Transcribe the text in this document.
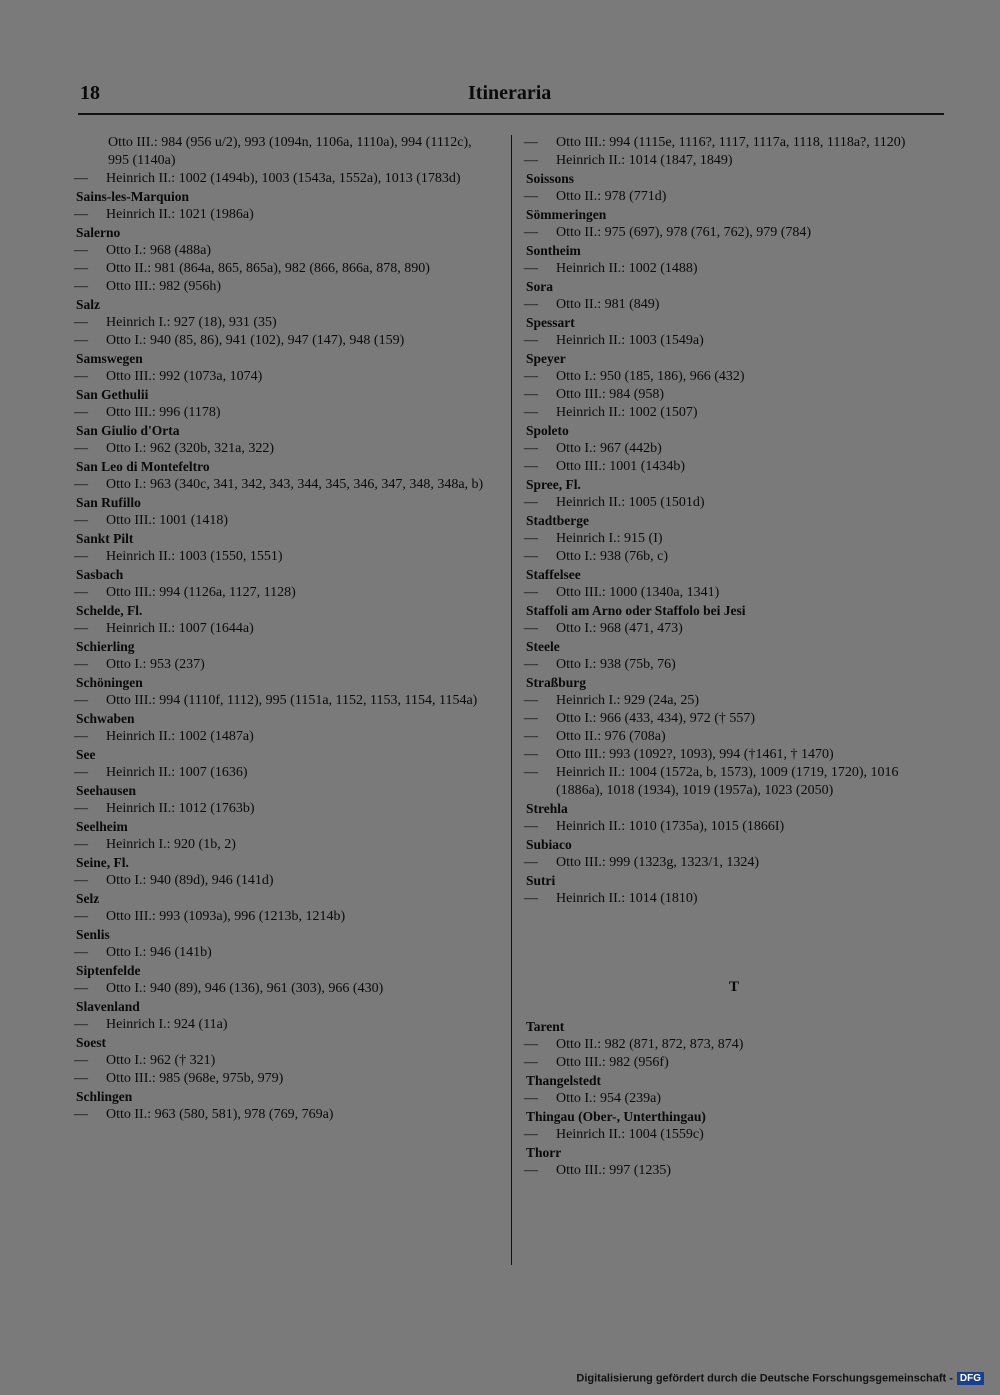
18	Itineraria
Otto III.: 984 (956 u/2), 993 (1094n, 1106a, 1110a), 994 (1112c), 995 (1140a)
— Heinrich II.: 1002 (1494b), 1003 (1543a, 1552a), 1013 (1783d)
Sains-les-Marquion
— Heinrich II.: 1021 (1986a)
Salerno
— Otto I.: 968 (488a)
— Otto II.: 981 (864a, 865, 865a), 982 (866, 866a, 878, 890)
— Otto III.: 982 (956h)
Salz
— Heinrich I.: 927 (18), 931 (35)
— Otto I.: 940 (85, 86), 941 (102), 947 (147), 948 (159)
Samswegen
— Otto III.: 992 (1073a, 1074)
San Gethulii
— Otto III.: 996 (1178)
San Giulio d'Orta
— Otto I.: 962 (320b, 321a, 322)
San Leo di Montefeltro
— Otto I.: 963 (340c, 341, 342, 343, 344, 345, 346, 347, 348, 348a, b)
San Rufillo
— Otto III.: 1001 (1418)
Sankt Pilt
— Heinrich II.: 1003 (1550, 1551)
Sasbach
— Otto III.: 994 (1126a, 1127, 1128)
Schelde, Fl.
— Heinrich II.: 1007 (1644a)
Schierling
— Otto I.: 953 (237)
Schöningen
— Otto III.: 994 (1110f, 1112), 995 (1151a, 1152, 1153, 1154, 1154a)
Schwaben
— Heinrich II.: 1002 (1487a)
See
— Heinrich II.: 1007 (1636)
Seehausen
— Heinrich II.: 1012 (1763b)
Seelheim
— Heinrich I.: 920 (1b, 2)
Seine, Fl.
— Otto I.: 940 (89d), 946 (141d)
Selz
— Otto III.: 993 (1093a), 996 (1213b, 1214b)
Senlis
— Otto I.: 946 (141b)
Siptenfelde
— Otto I.: 940 (89), 946 (136), 961 (303), 966 (430)
Slavenland
— Heinrich I.: 924 (11a)
Soest
— Otto I.: 962 († 321)
— Otto III.: 985 (968e, 975b, 979)
Schlingen
— Otto II.: 963 (580, 581), 978 (769, 769a)
— Otto III.: 994 (1115e, 1116?, 1117, 1117a, 1118, 1118a?, 1120)
— Heinrich II.: 1014 (1847, 1849)
Soissons
— Otto II.: 978 (771d)
Sömmeringen
— Otto II.: 975 (697), 978 (761, 762), 979 (784)
Sontheim
— Heinrich II.: 1002 (1488)
Sora
— Otto II.: 981 (849)
Spessart
— Heinrich II.: 1003 (1549a)
Speyer
— Otto I.: 950 (185, 186), 966 (432)
— Otto III.: 984 (958)
— Heinrich II.: 1002 (1507)
Spoleto
— Otto I.: 967 (442b)
— Otto III.: 1001 (1434b)
Spree, Fl.
— Heinrich II.: 1005 (1501d)
Stadtberge
— Heinrich I.: 915 (I)
— Otto I.: 938 (76b, c)
Staffelsee
— Otto III.: 1000 (1340a, 1341)
Staffoli am Arno oder Staffolo bei Jesi
— Otto I.: 968 (471, 473)
Steele
— Otto I.: 938 (75b, 76)
Straßburg
— Heinrich I.: 929 (24a, 25)
— Otto I.: 966 (433, 434), 972 († 557)
— Otto II.: 976 (708a)
— Otto III.: 993 (1092?, 1093), 994 (†1461, † 1470)
— Heinrich II.: 1004 (1572a, b, 1573), 1009 (1719, 1720), 1016 (1886a), 1018 (1934), 1019 (1957a), 1023 (2050)
Strehla
— Heinrich II.: 1010 (1735a), 1015 (1866I)
Subiaco
— Otto III.: 999 (1323g, 1323/1, 1324)
Sutri
— Heinrich II.: 1014 (1810)
T
Tarent
— Otto II.: 982 (871, 872, 873, 874)
— Otto III.: 982 (956f)
Thangelstedt
— Otto I.: 954 (239a)
Thingau (Ober-, Unterthingau)
— Heinrich II.: 1004 (1559c)
Thorr
— Otto III.: 997 (1235)
Digitalisierung gefördert durch die Deutsche Forschungsgemeinschaft - DFG
